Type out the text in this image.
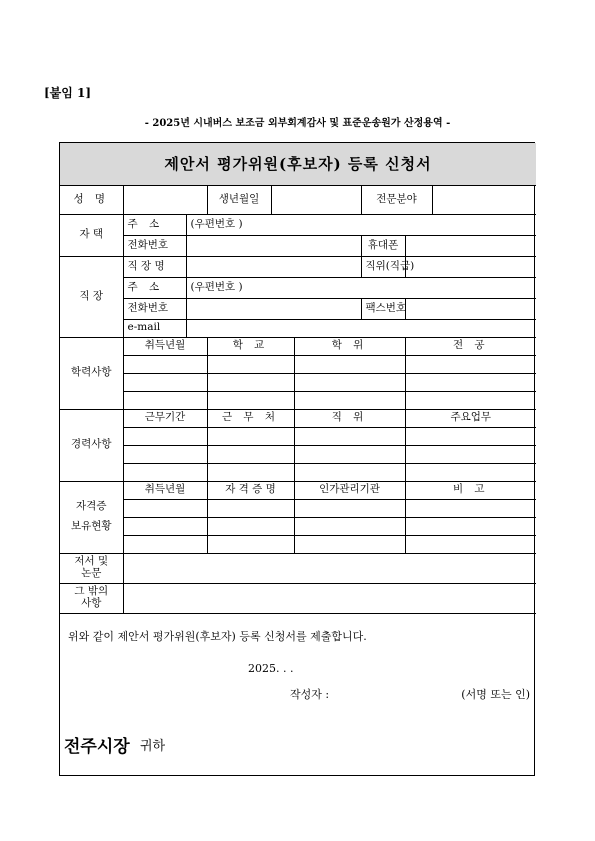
[붙임 1]
- 2025년 시내버스 보조금 외부회계감사 및 표준운송원가 산정용역 -
제안서 평가위원(후보자) 등록 신청서								
성 명			생년월일			전문분야		
자 택	주 소	(우편번호 )						
	전화번호					휴대폰		
직 장	직 장 명					직위(직급)		
	주 소	(우편번호 )						
	전화번호					팩스번호		
	e-mail							
학력사항	취득년월		학 교		학 위		전 공	

경력사항	근무기간		근 무 처		직 위		주요업무	

자격증
보유현황	취득년월		자 격 증 명		인가관리기관		비 고	

저서 및
논문								

그 밖의
사항								

위와 같이 제안서 평가위원(후보자) 등록 신청서를 제출합니다.
2025. . .
작성자 :	(서명 또는 인)
전주시장 귀하
